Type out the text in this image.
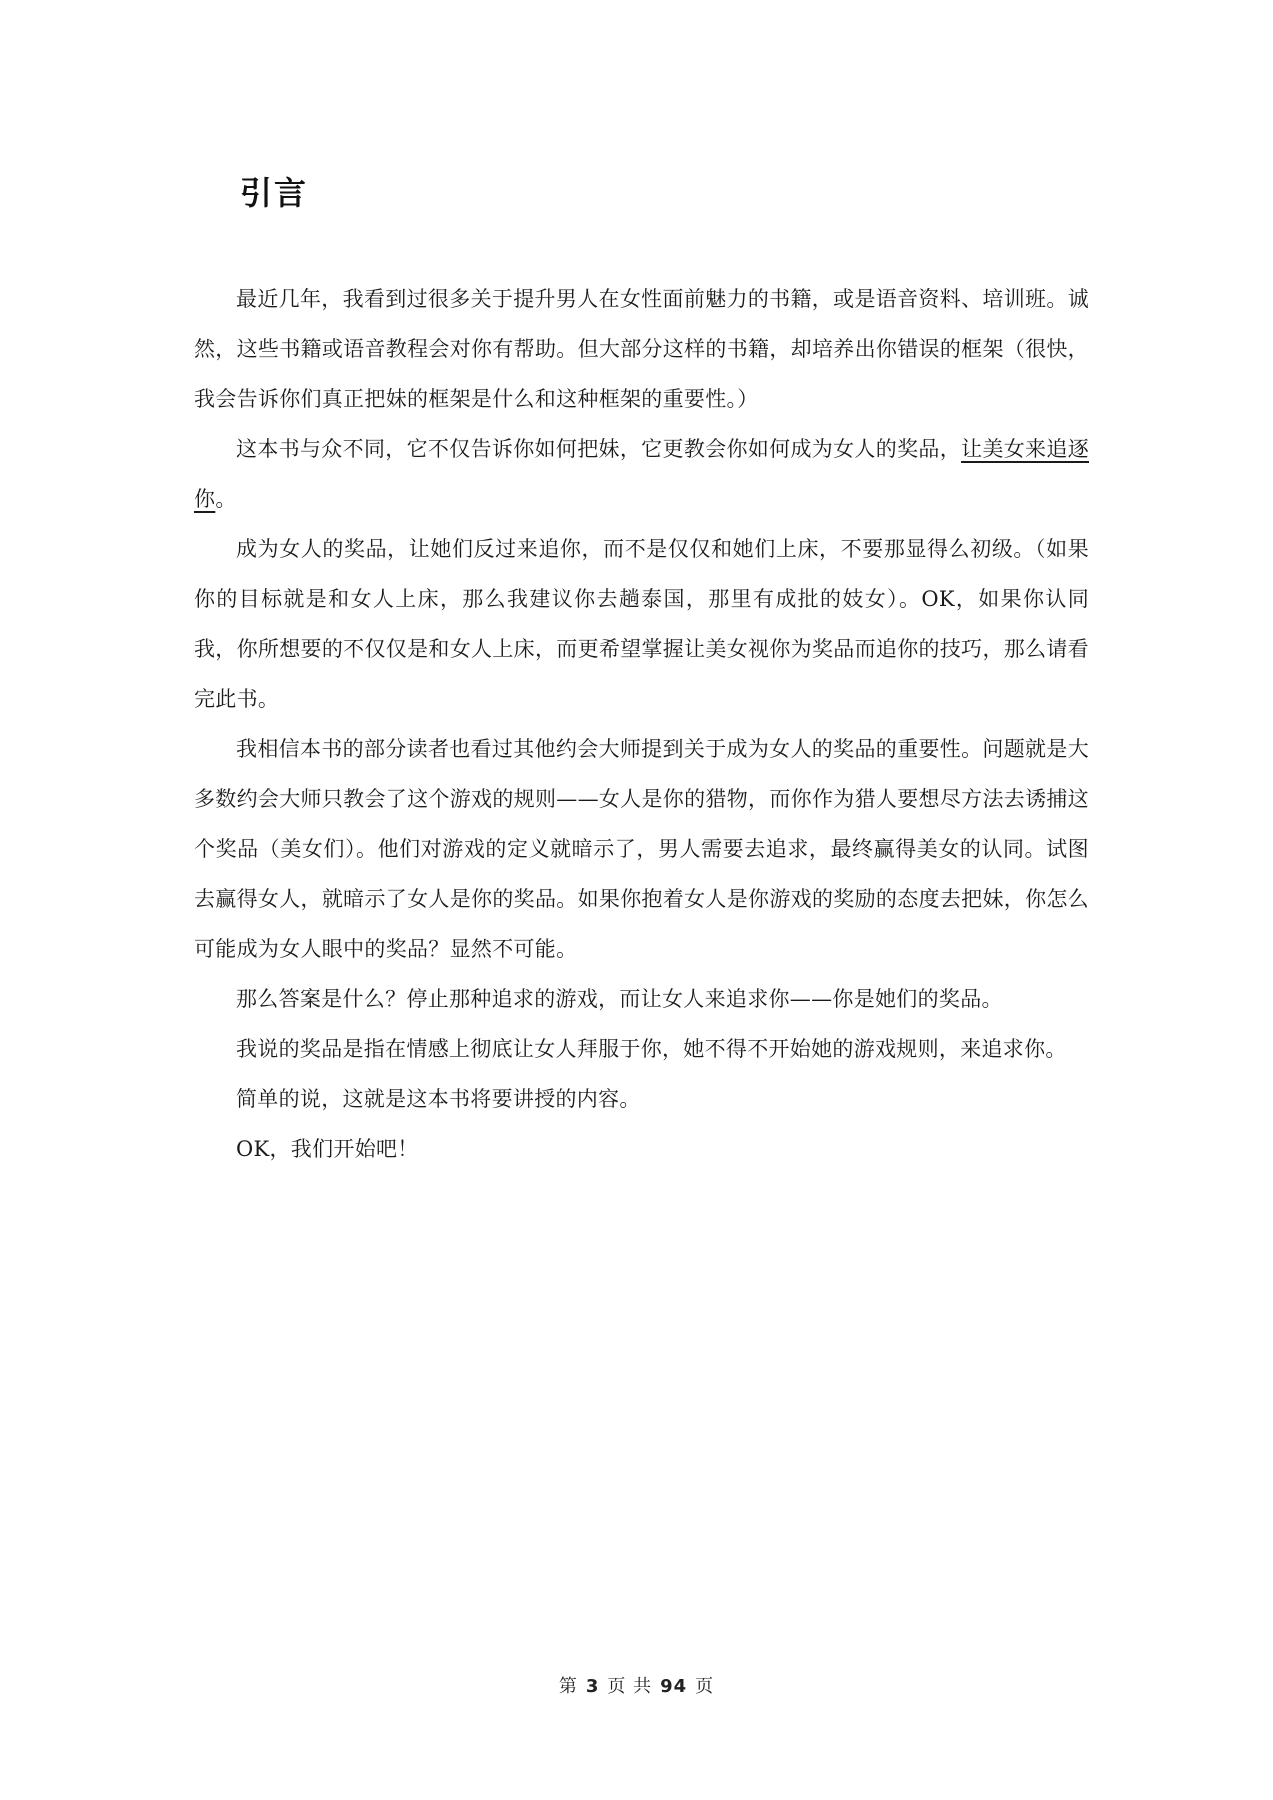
引言

最近几年，我看到过很多关于提升男人在女性面前魅力的书籍，或是语音资料、培训班。诚然，这些书籍或语音教程会对你有帮助。但大部分这样的书籍，却培养出你错误的框架（很快，我会告诉你们真正把妹的框架是什么和这种框架的重要性。）

这本书与众不同，它不仅告诉你如何把妹，它更教会你如何成为女人的奖品，让美女来追逐你。

成为女人的奖品，让她们反过来追你，而不是仅仅和她们上床，不要那显得么初级。（如果你的目标就是和女人上床，那么我建议你去趟泰国，那里有成批的妓女）。OK，如果你认同我，你所想要的不仅仅是和女人上床，而更希望掌握让美女视你为奖品而追你的技巧，那么请看完此书。

我相信本书的部分读者也看过其他约会大师提到关于成为女人的奖品的重要性。问题就是大多数约会大师只教会了这个游戏的规则——女人是你的猎物，而你作为猎人要想尽方法去诱捕这个奖品（美女们）。他们对游戏的定义就暗示了，男人需要去追求，最终赢得美女的认同。试图去赢得女人，就暗示了女人是你的奖品。如果你抱着女人是你游戏的奖励的态度去把妹，你怎么可能成为女人眼中的奖品？显然不可能。

那么答案是什么？停止那种追求的游戏，而让女人来追求你——你是她们的奖品。

我说的奖品是指在情感上彻底让女人拜服于你，她不得不开始她的游戏规则，来追求你。

简单的说，这就是这本书将要讲授的内容。

OK，我们开始吧！

第 3 页 共 94 页
